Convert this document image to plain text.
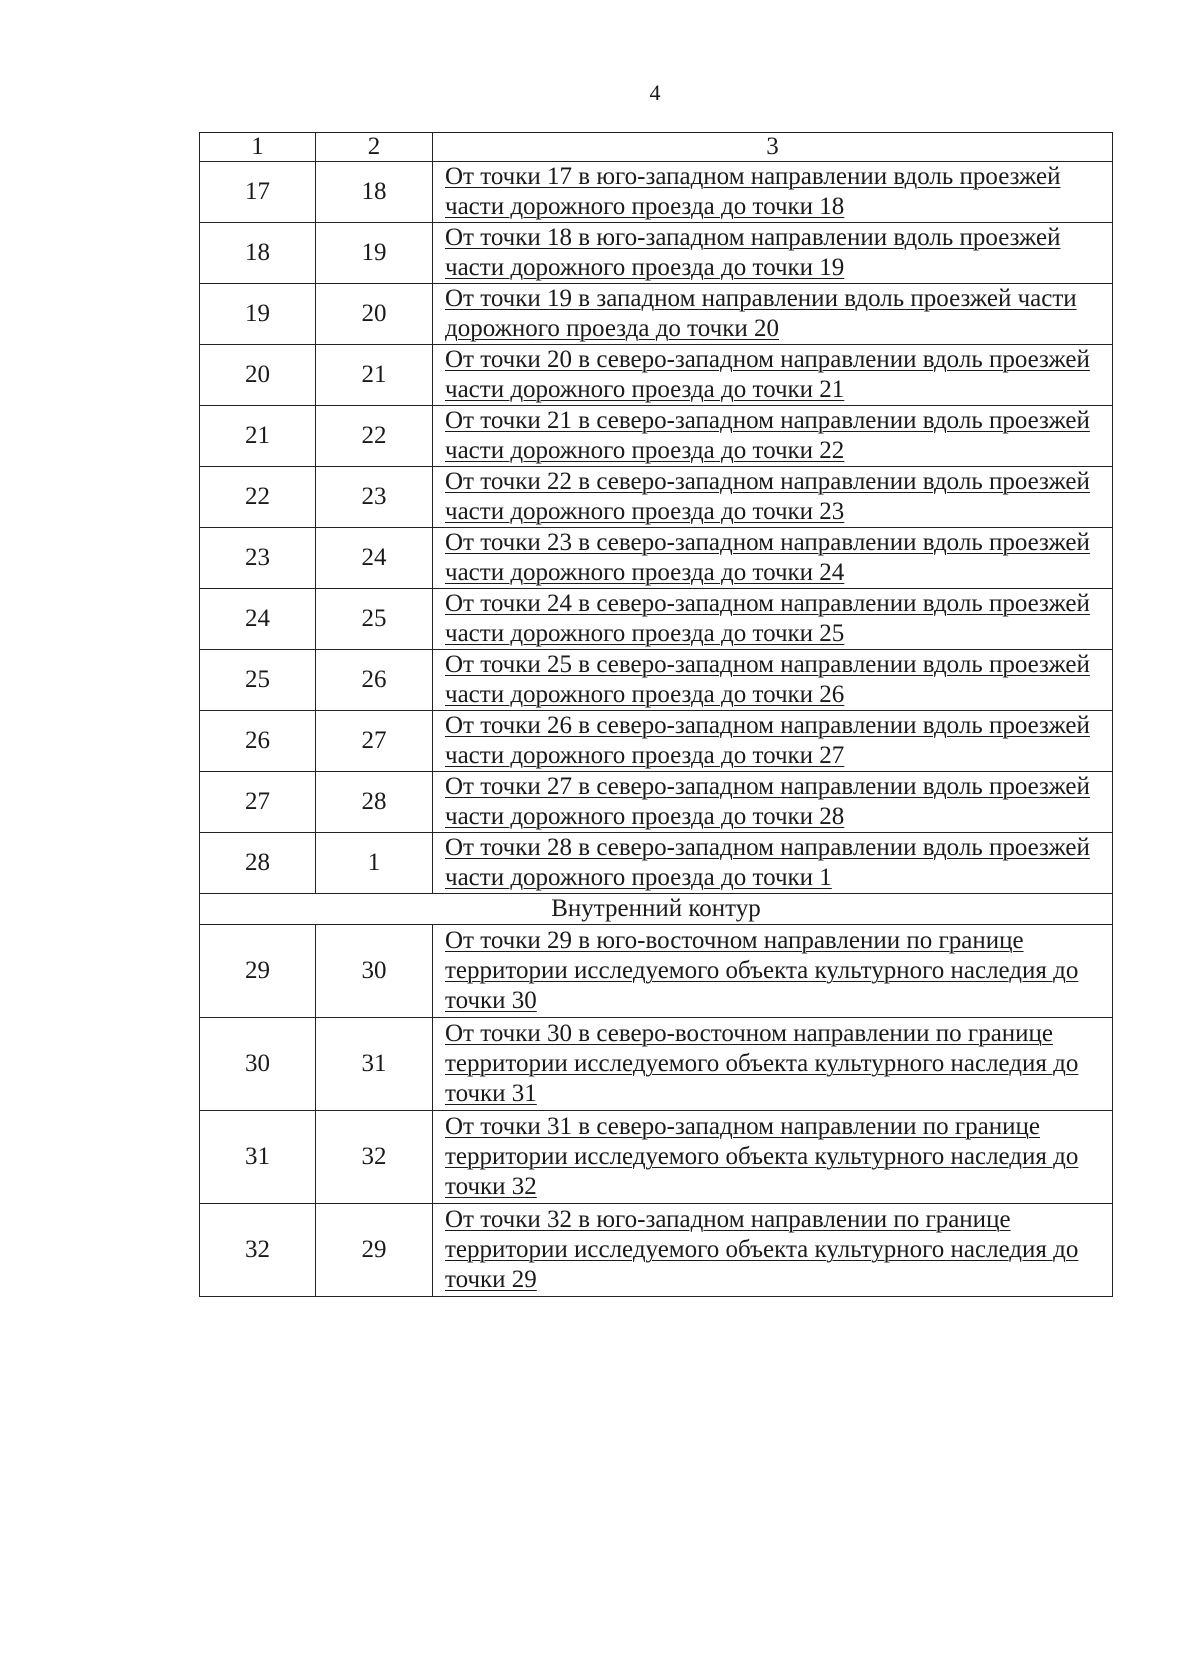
4
1	2	3
17	18	От точки 17 в юго-западном направлении вдоль проезжей части дорожного проезда до точки 18

18	19	От точки 18 в юго-западном направлении вдоль проезжей части дорожного проезда до точки 19

19	20	От точки 19 в западном направлении вдоль проезжей части дорожного проезда до точки 20

20	21	От точки 20 в северо-западном направлении вдоль проезжей части дорожного проезда до точки 21

21	22	От точки 21 в северо-западном направлении вдоль проезжей части дорожного проезда до точки 22

22	23	От точки 22 в северо-западном направлении вдоль проезжей части дорожного проезда до точки 23

23	24	От точки 23 в северо-западном направлении вдоль проезжей части дорожного проезда до точки 24

24	25	От точки 24 в северо-западном направлении вдоль проезжей части дорожного проезда до точки 25

25	26	От точки 25 в северо-западном направлении вдоль проезжей части дорожного проезда до точки 26

26	27	От точки 26 в северо-западном направлении вдоль проезжей части дорожного проезда до точки 27

27	28	От точки 27 в северо-западном направлении вдоль проезжей части дорожного проезда до точки 28

28	1	От точки 28 в северо-западном направлении вдоль проезжей части дорожного проезда до точки 1

Внутренний контур		
29	30	От точки 29 в юго-восточном направлении по границе территории исследуемого объекта культурного наследия до точки 30

30	31	От точки 30 в северо-восточном направлении по границе территории исследуемого объекта культурного наследия до точки 31

31	32	От точки 31 в северо-западном направлении по границе территории исследуемого объекта культурного наследия до точки 32

32	29	От точки 32 в юго-западном направлении по границе территории исследуемого объекта культурного наследия до точки 29
